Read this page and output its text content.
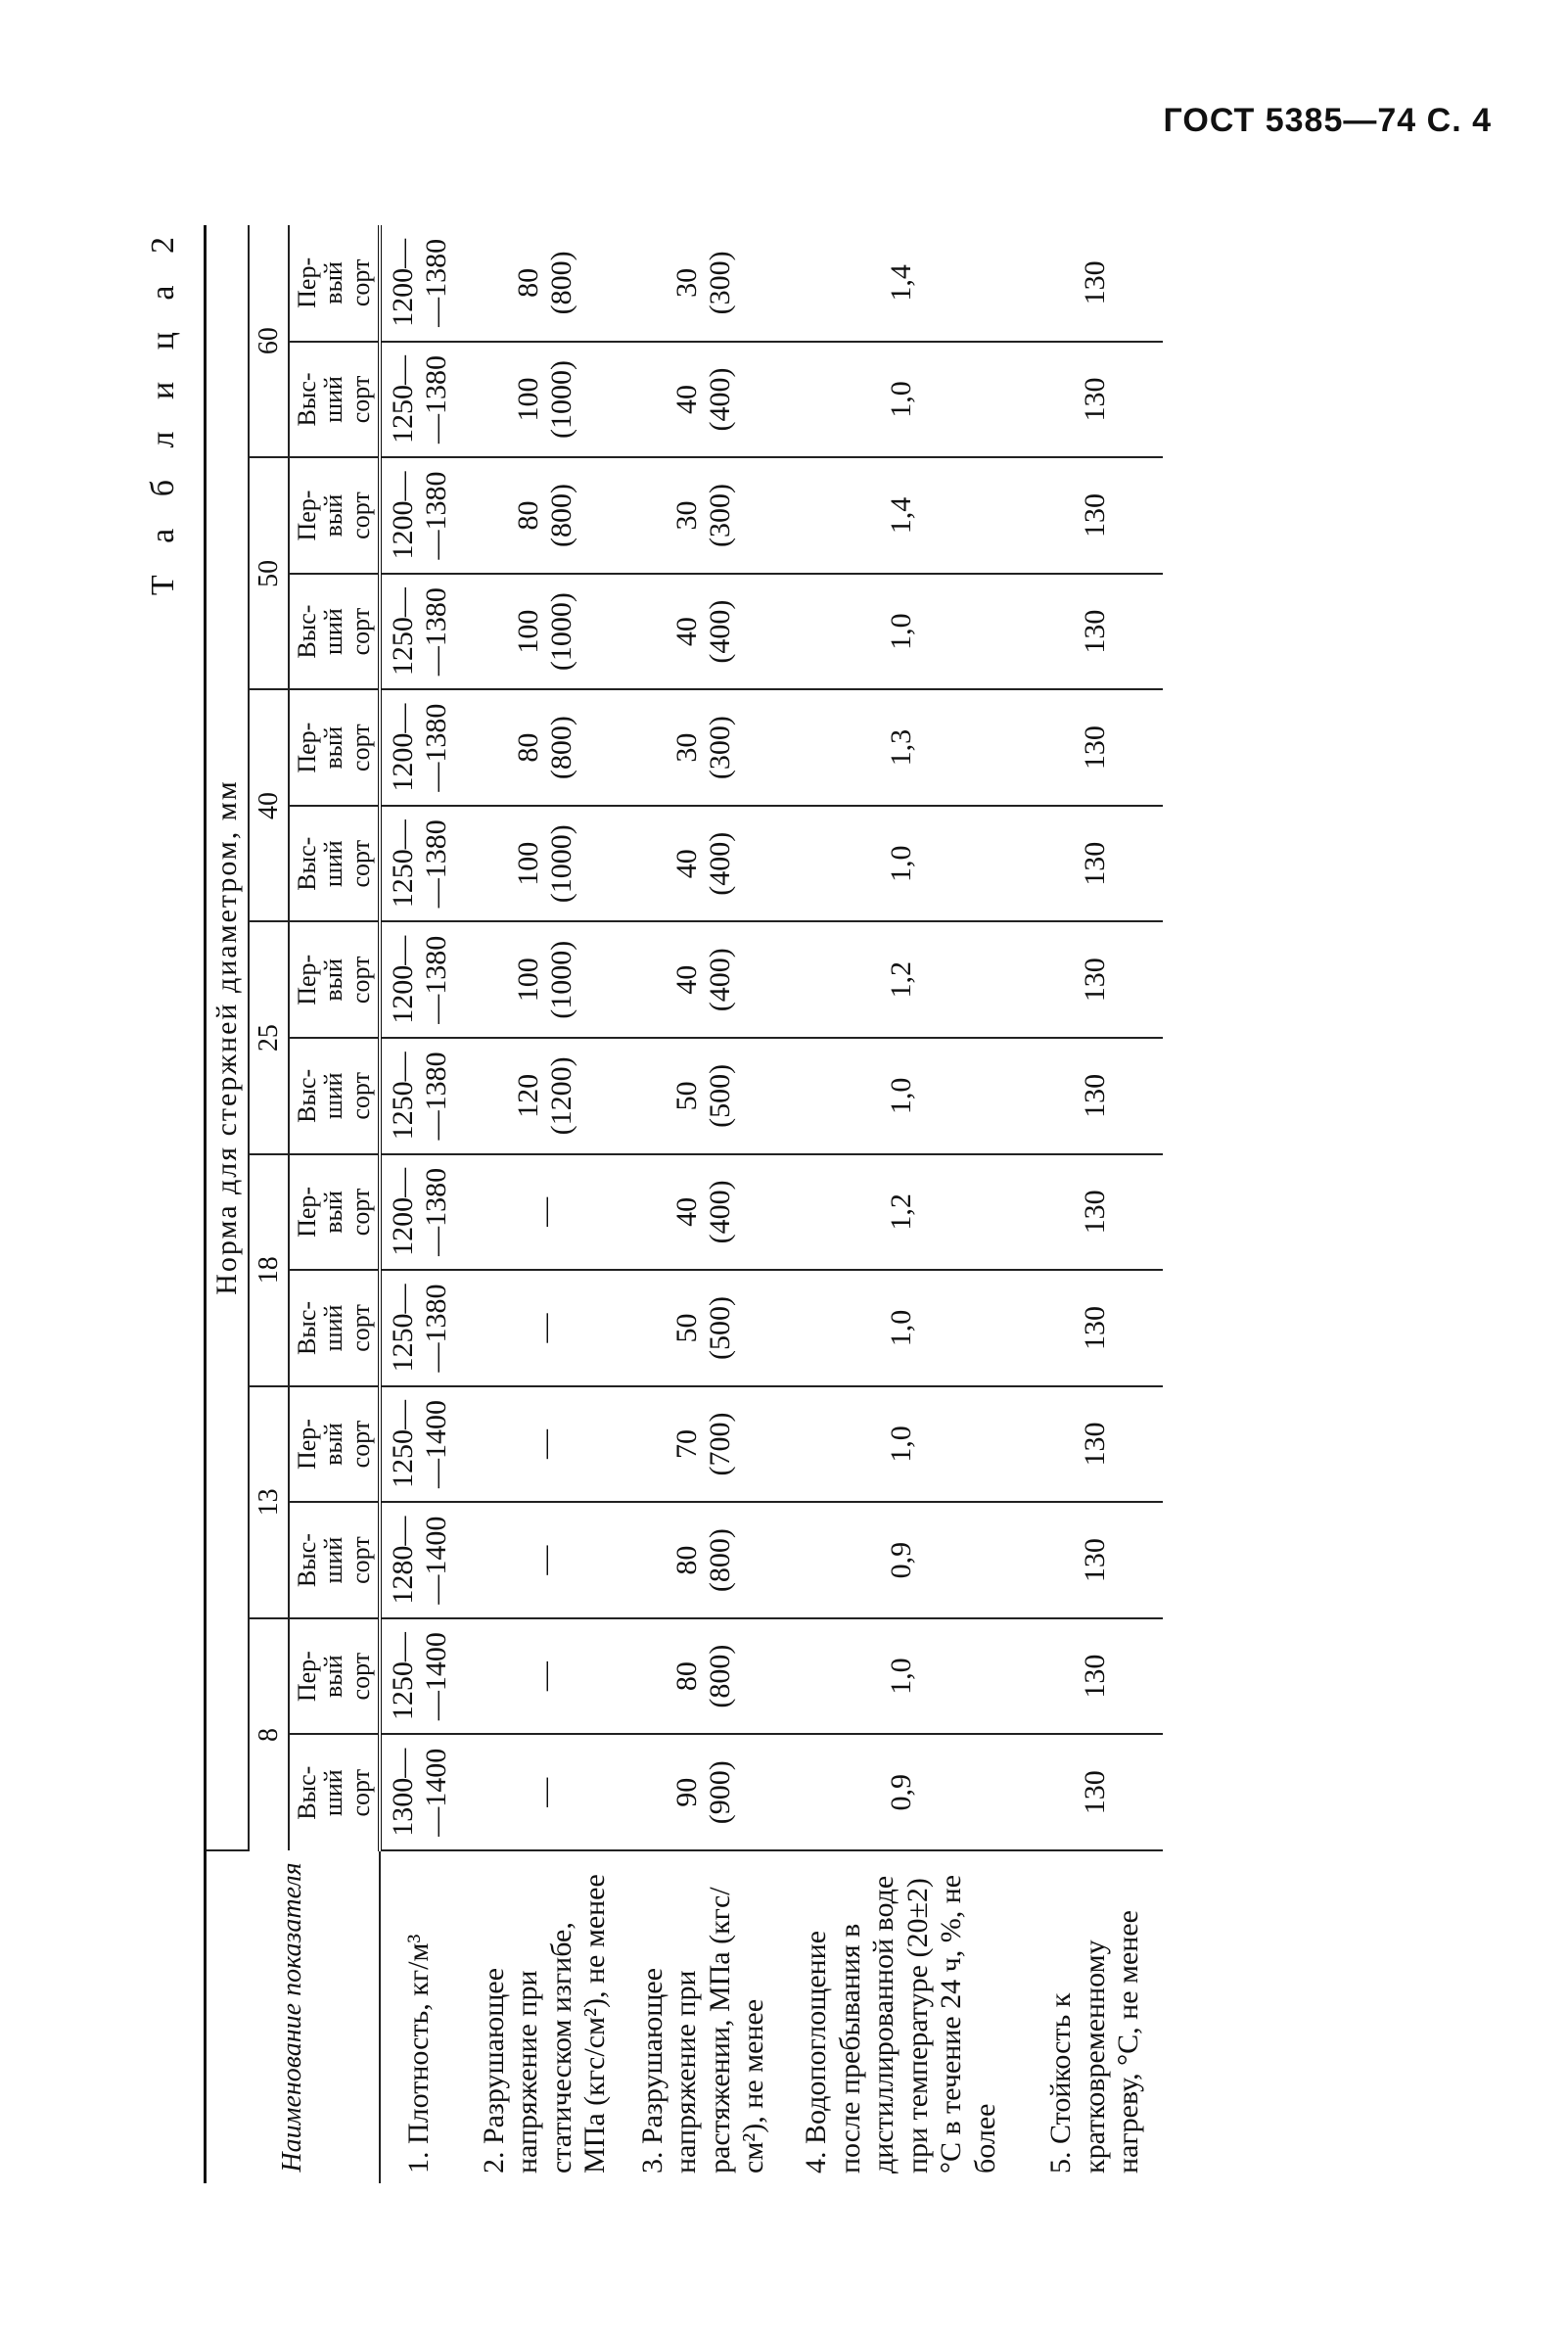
ГОСТ 5385—74 С. 4
Т а б л и ц а 2
Наименование показателя	Норма для стержней диаметром, мм													
	8		13		18		25		40		50		60	
	Выс-
ший
сорт	Пер-
вый
сорт	Выс-
ший
сорт	Пер-
вый
сорт	Выс-
ший
сорт	Пер-
вый
сорт	Выс-
ший
сорт	Пер-
вый
сорт	Выс-
ший
сорт	Пер-
вый
сорт	Выс-
ший
сорт	Пер-
вый
сорт	Выс-
ший
сорт	Пер-
вый
сорт
1. Плотность, кг/м³	1300—
—1400	1250—
—1400	1280—
—1400	1250—
—1400	1250—
—1380	1200—
—1380	1250—
—1380	1200—
—1380	1250—
—1380	1200—
—1380	1250—
—1380	1200—
—1380	1250—
—1380	1200—
—1380
2. Разрушающее напряжение при статическом изгибе, МПа (кгс/см²), не менее	—	—	—	—	—	—	120
(1200)	100
(1000)	100
(1000)	80
(800)	100
(1000)	80
(800)	100
(1000)	80
(800)
3. Разрушающее напряжение при растяжении, МПа (кгс/см²), не менее	90
(900)	80
(800)	80
(800)	70
(700)	50
(500)	40
(400)	50
(500)	40
(400)	40
(400)	30
(300)	40
(400)	30
(300)	40
(400)	30
(300)
4. Водопоглощение после пребывания в дистиллированной воде при температуре (20±2)°С в течение 24 ч, %, не более	0,9	1,0	0,9	1,0	1,0	1,2	1,0	1,2	1,0	1,3	1,0	1,4	1,0	1,4
5. Стойкость к кратковременному нагреву, °С, не менее	130	130	130	130	130	130	130	130	130	130	130	130	130	130
